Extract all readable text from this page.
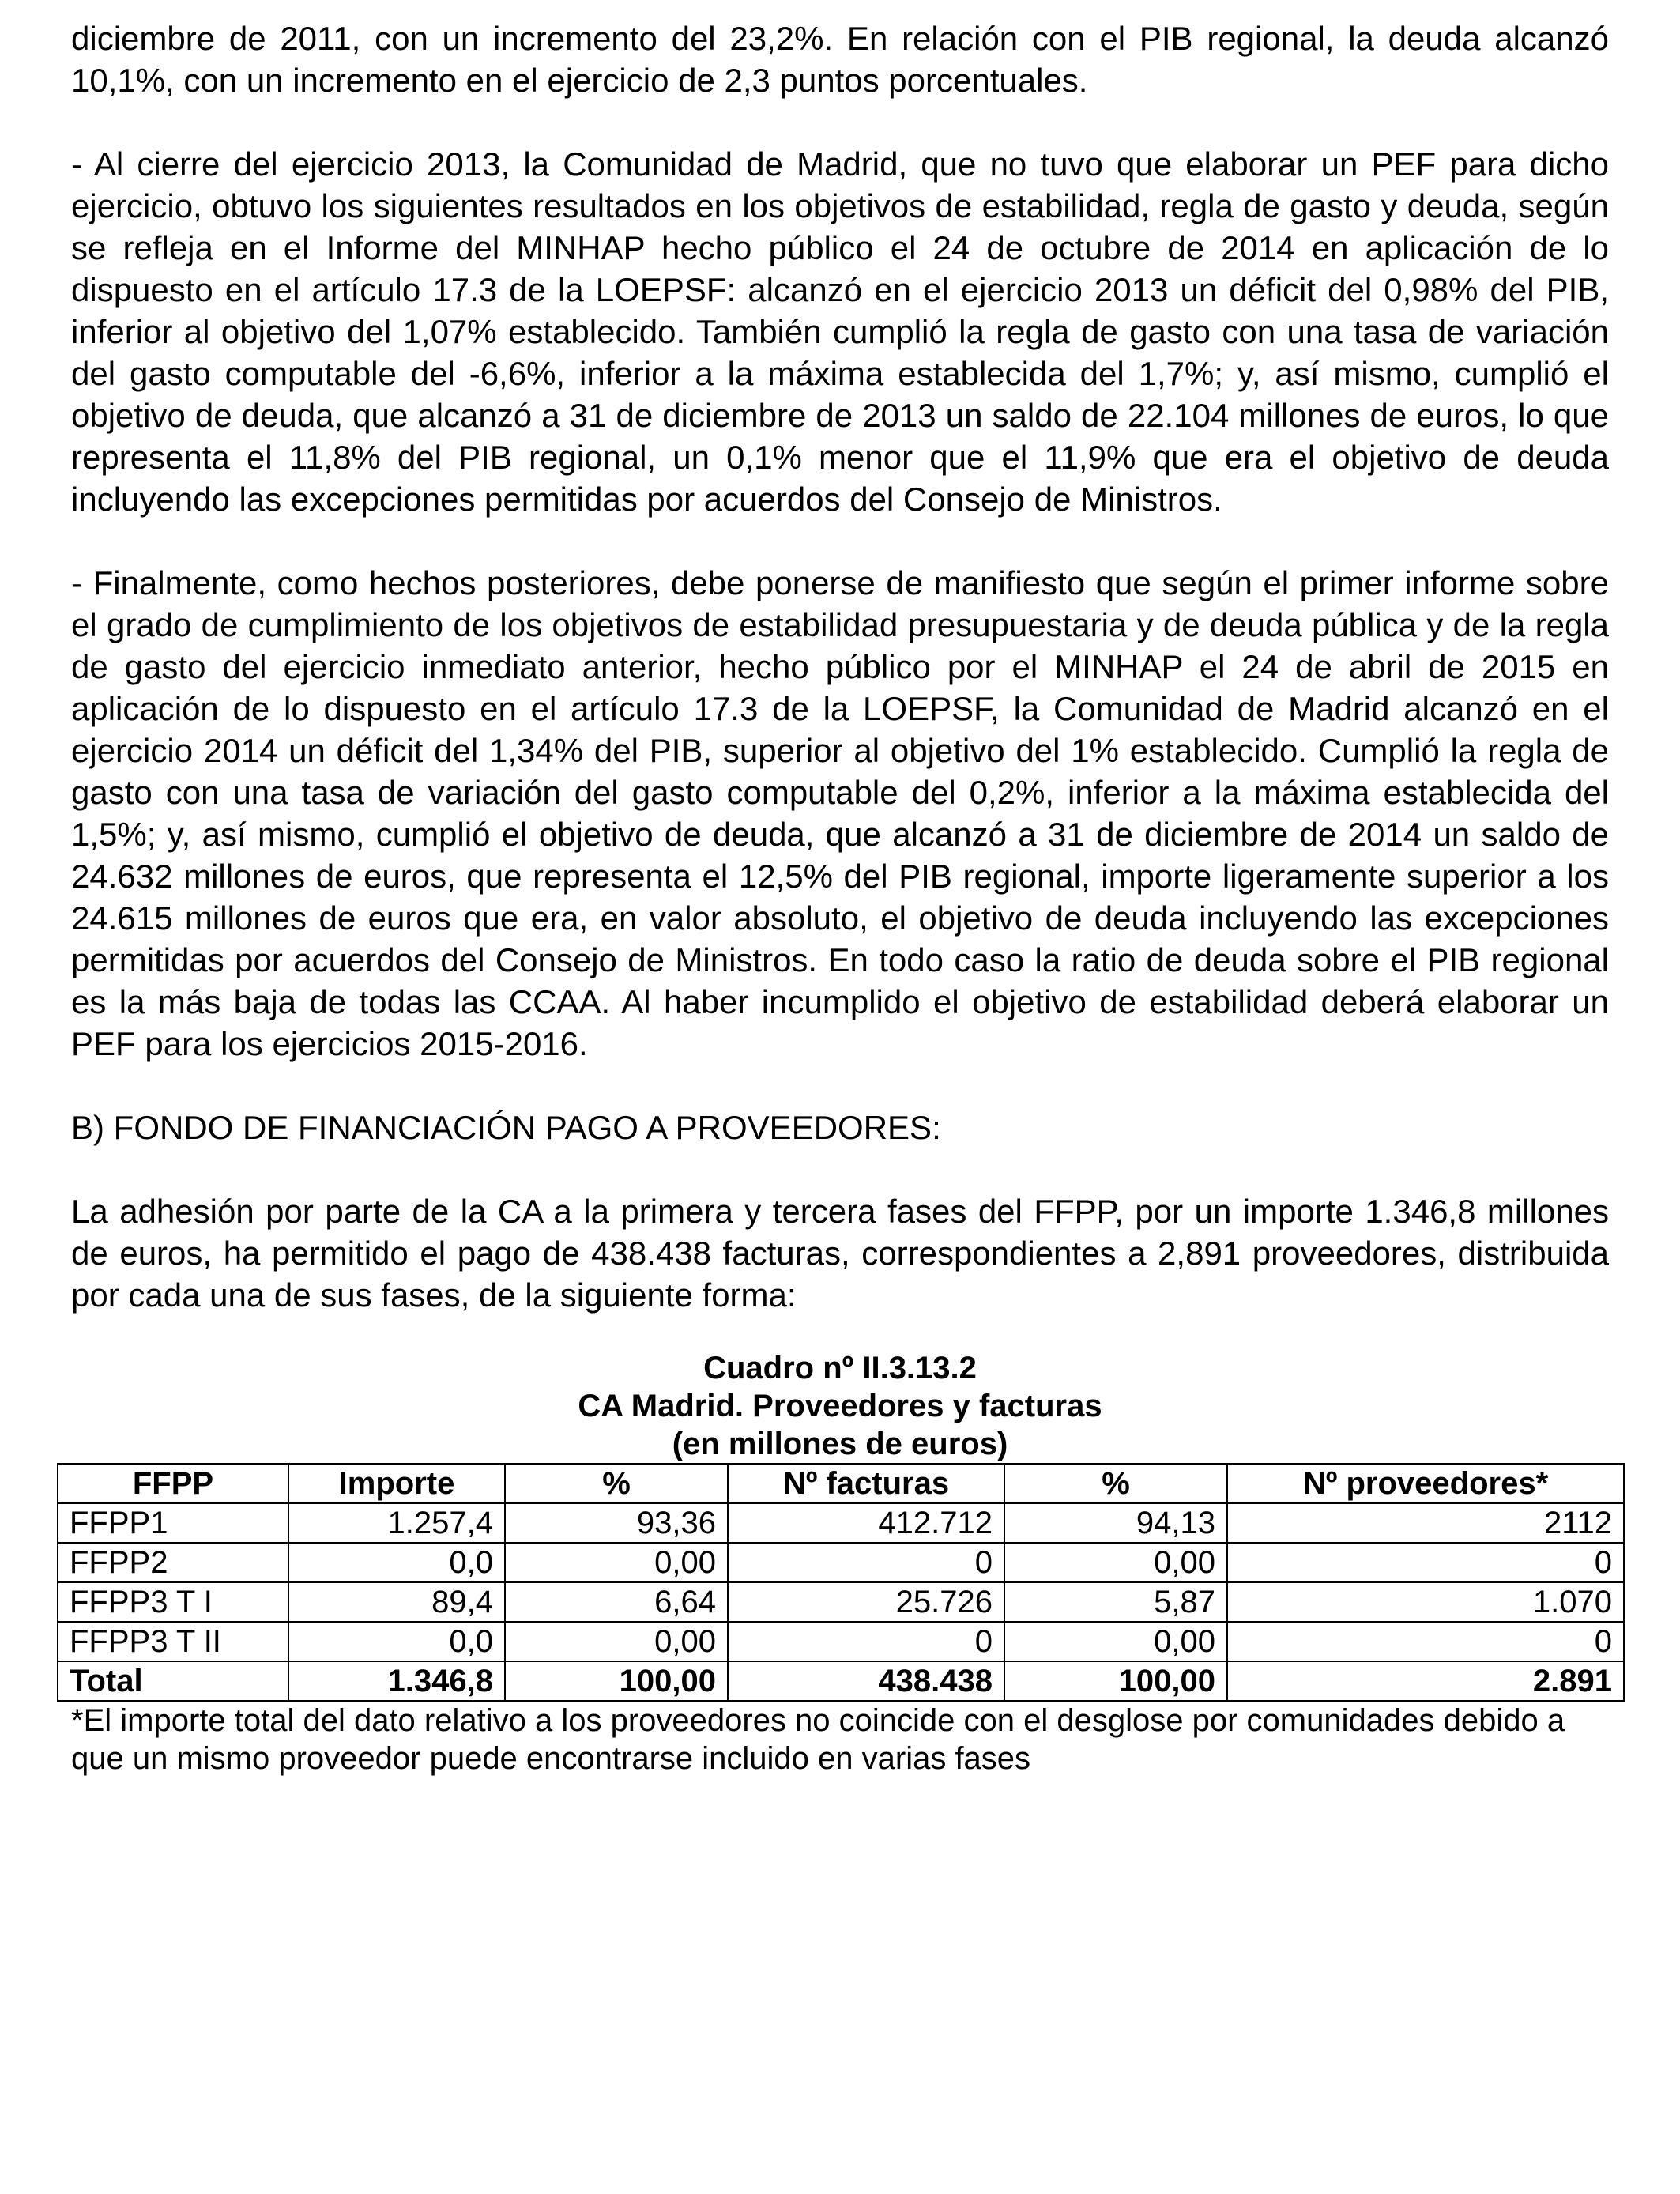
diciembre de 2011, con un incremento del 23,2%. En relación con el PIB regional, la deuda alcanzó 10,1%, con un incremento en el ejercicio de 2,3 puntos porcentuales.

- Al cierre del ejercicio 2013, la Comunidad de Madrid, que no tuvo que elaborar un PEF para dicho ejercicio, obtuvo los siguientes resultados en los objetivos de estabilidad, regla de gasto y deuda, según se refleja en el Informe del MINHAP hecho público el 24 de octubre de 2014 en aplicación de lo dispuesto en el artículo 17.3 de la LOEPSF: alcanzó en el ejercicio 2013 un déficit del 0,98% del PIB, inferior al objetivo del 1,07% establecido. También cumplió la regla de gasto con una tasa de variación del gasto computable del -6,6%, inferior a la máxima establecida del 1,7%; y, así mismo, cumplió el objetivo de deuda, que alcanzó a 31 de diciembre de 2013 un saldo de 22.104 millones de euros, lo que representa el 11,8% del PIB regional, un 0,1% menor que el 11,9% que era el objetivo de deuda incluyendo las excepciones permitidas por acuerdos del Consejo de Ministros.

- Finalmente, como hechos posteriores, debe ponerse de manifiesto que según el primer informe sobre el grado de cumplimiento de los objetivos de estabilidad presupuestaria y de deuda pública y de la regla de gasto del ejercicio inmediato anterior, hecho público por el MINHAP el 24 de abril de 2015 en aplicación de lo dispuesto en el artículo 17.3 de la LOEPSF, la Comunidad de Madrid alcanzó en el ejercicio 2014 un déficit del 1,34% del PIB, superior al objetivo del 1% establecido. Cumplió la regla de gasto con una tasa de variación del gasto computable del 0,2%, inferior a la máxima establecida del 1,5%; y, así mismo, cumplió el objetivo de deuda, que alcanzó a 31 de diciembre de 2014 un saldo de 24.632 millones de euros, que representa el 12,5% del PIB regional, importe ligeramente superior a los 24.615 millones de euros que era, en valor absoluto, el objetivo de deuda incluyendo las excepciones permitidas por acuerdos del Consejo de Ministros. En todo caso la ratio de deuda sobre el PIB regional es la más baja de todas las CCAA. Al haber incumplido el objetivo de estabilidad deberá elaborar un PEF para los ejercicios 2015-2016.

B) FONDO DE FINANCIACIÓN PAGO A PROVEEDORES:

La adhesión por parte de la CA a la primera y tercera fases del FFPP, por un importe 1.346,8 millones de euros, ha permitido el pago de 438.438 facturas, correspondientes a 2,891 proveedores, distribuida por cada una de sus fases, de la siguiente forma:

Cuadro nº II.3.13.2

CA Madrid. Proveedores y facturas

(en millones de euros)

FFPP	Importe	%	Nº facturas	%	Nº proveedores*
FFPP1	1.257,4	93,36	412.712	94,13	2112
FFPP2	0,0	0,00	0	0,00	0
FFPP3 T I	89,4	6,64	25.726	5,87	1.070
FFPP3 T II	0,0	0,00	0	0,00	0
Total	1.346,8	100,00	438.438	100,00	2.891

*El importe total del dato relativo a los proveedores no coincide con el desglose por comunidades debido a que un mismo proveedor puede encontrarse incluido en varias fases
